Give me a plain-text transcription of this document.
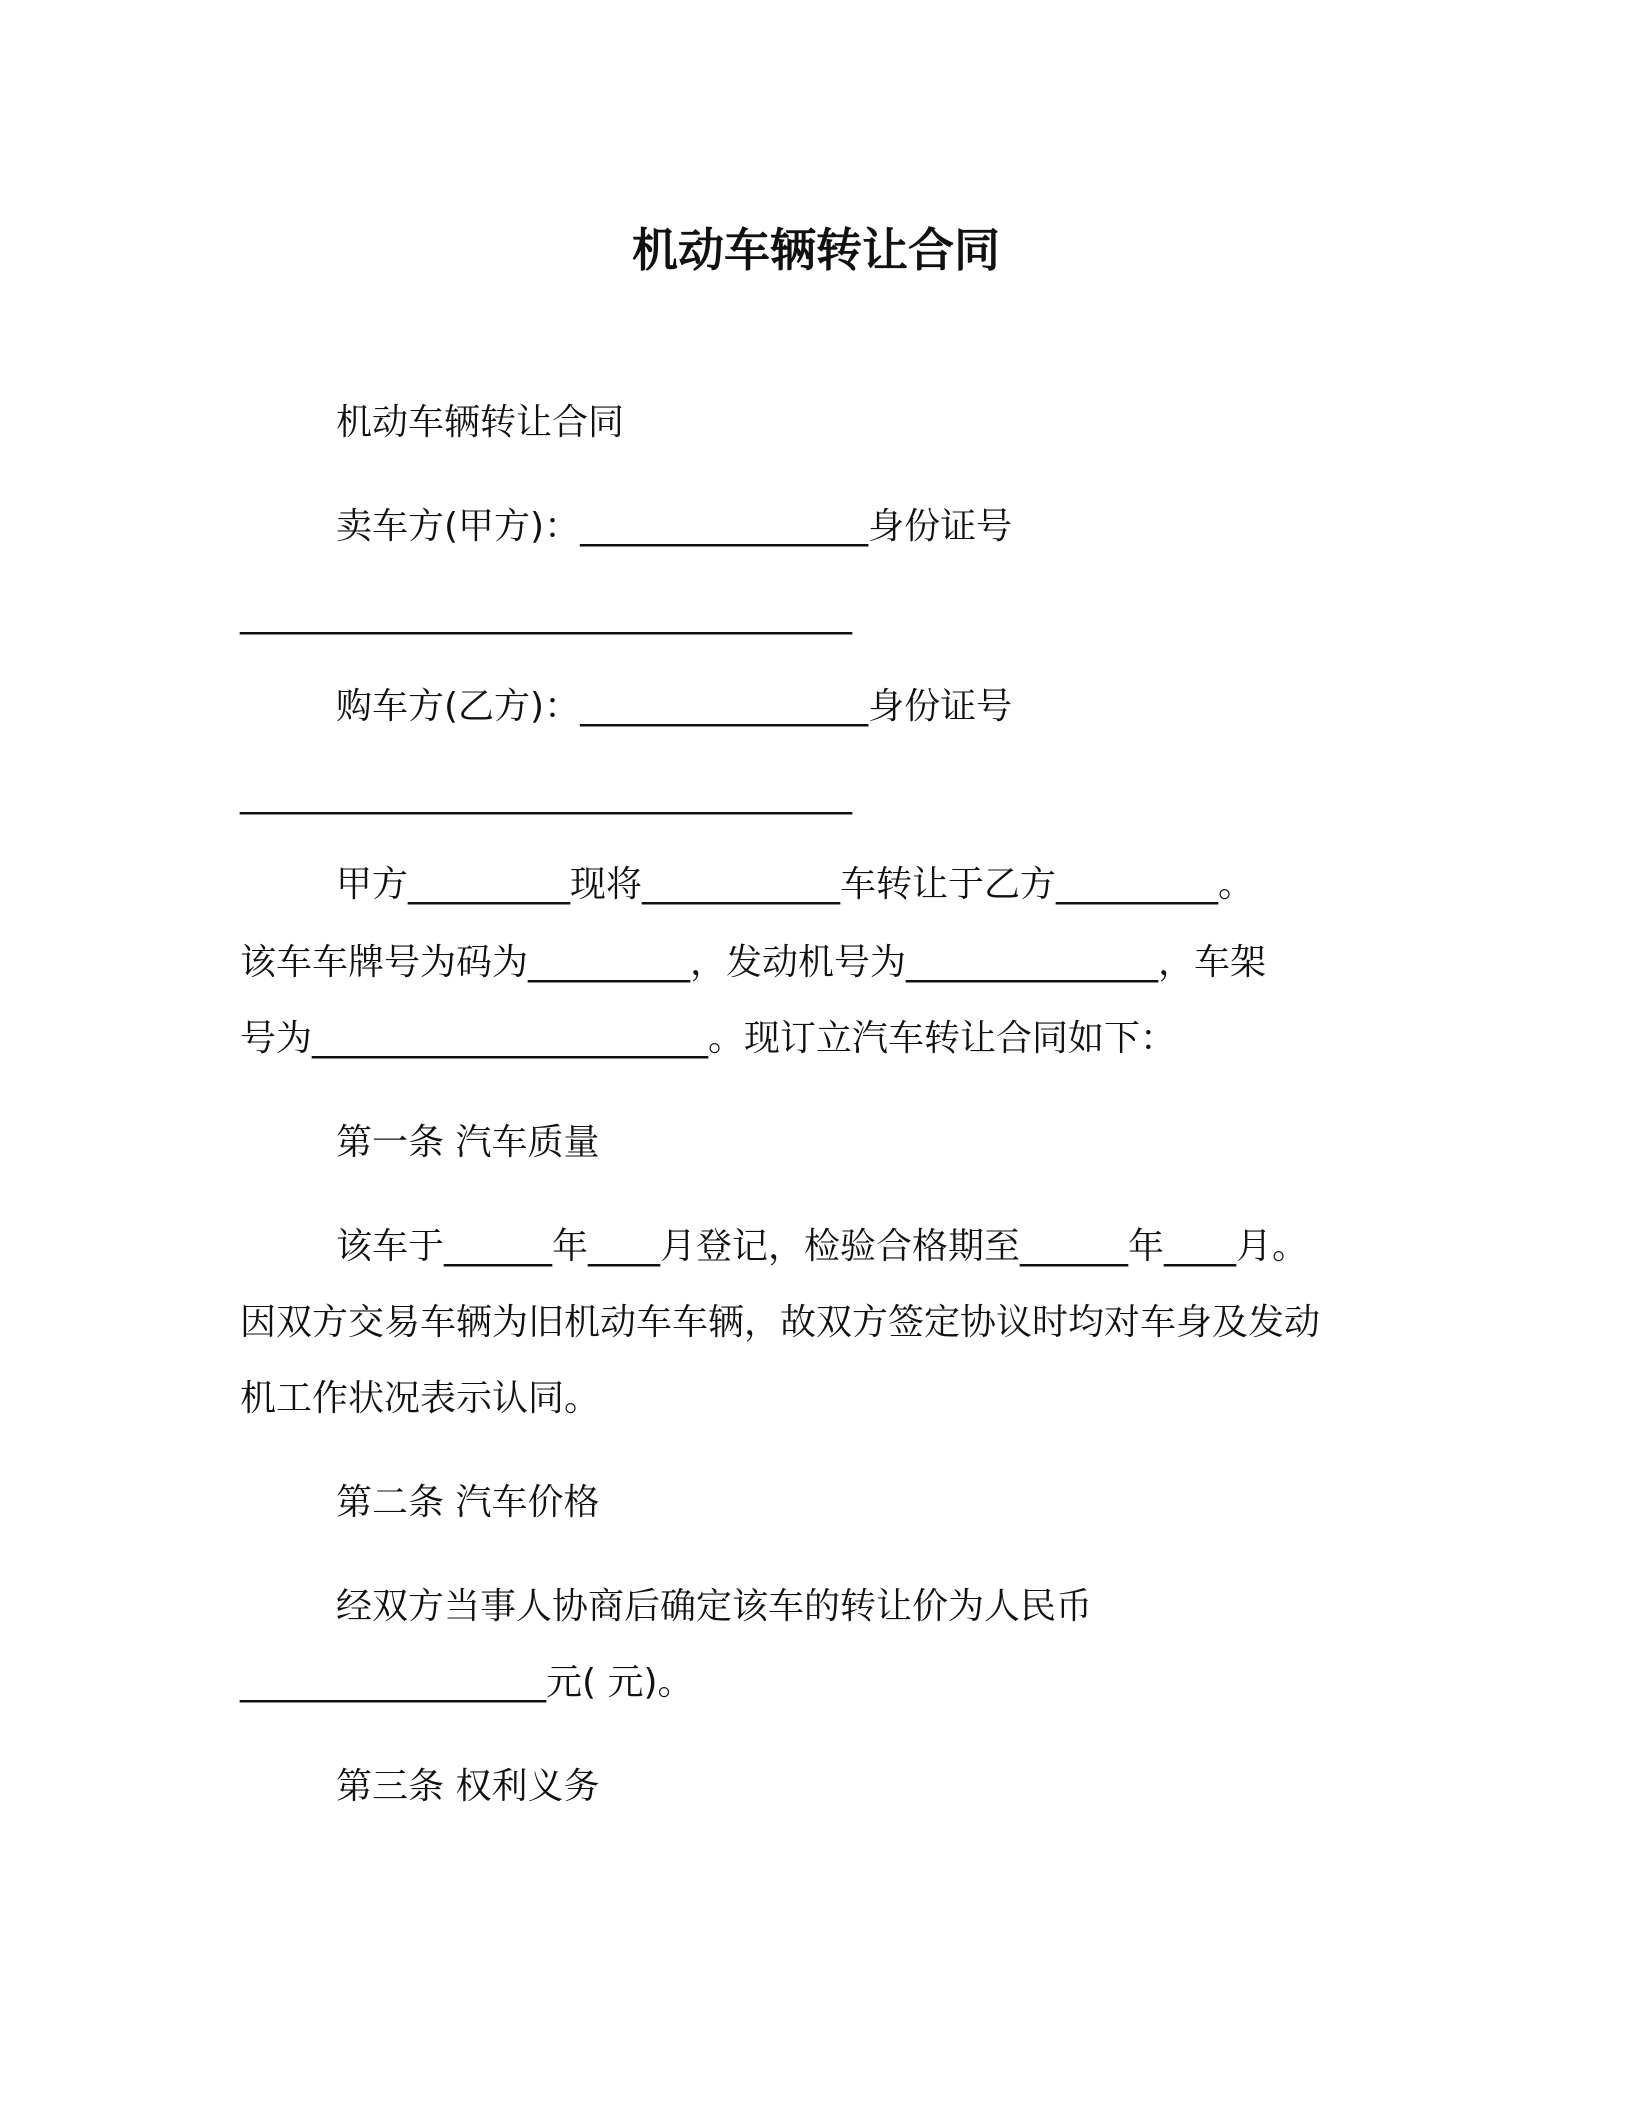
机动车辆转让合同
机动车辆转让合同
卖车方(甲方)：________________身份证号
__________________________________
购车方(乙方)：________________身份证号
__________________________________
甲方_________现将___________车转让于乙方_________。
该车车牌号为码为_________，发动机号为______________，车架
号为______________________。现订立汽车转让合同如下：
第一条 汽车质量
该车于______年____月登记，检验合格期至______年____月。
因双方交易车辆为旧机动车车辆，故双方签定协议时均对车身及发动
机工作状况表示认同。
第二条 汽车价格
经双方当事人协商后确定该车的转让价为人民币
_________________元( 元)。
第三条 权利义务
